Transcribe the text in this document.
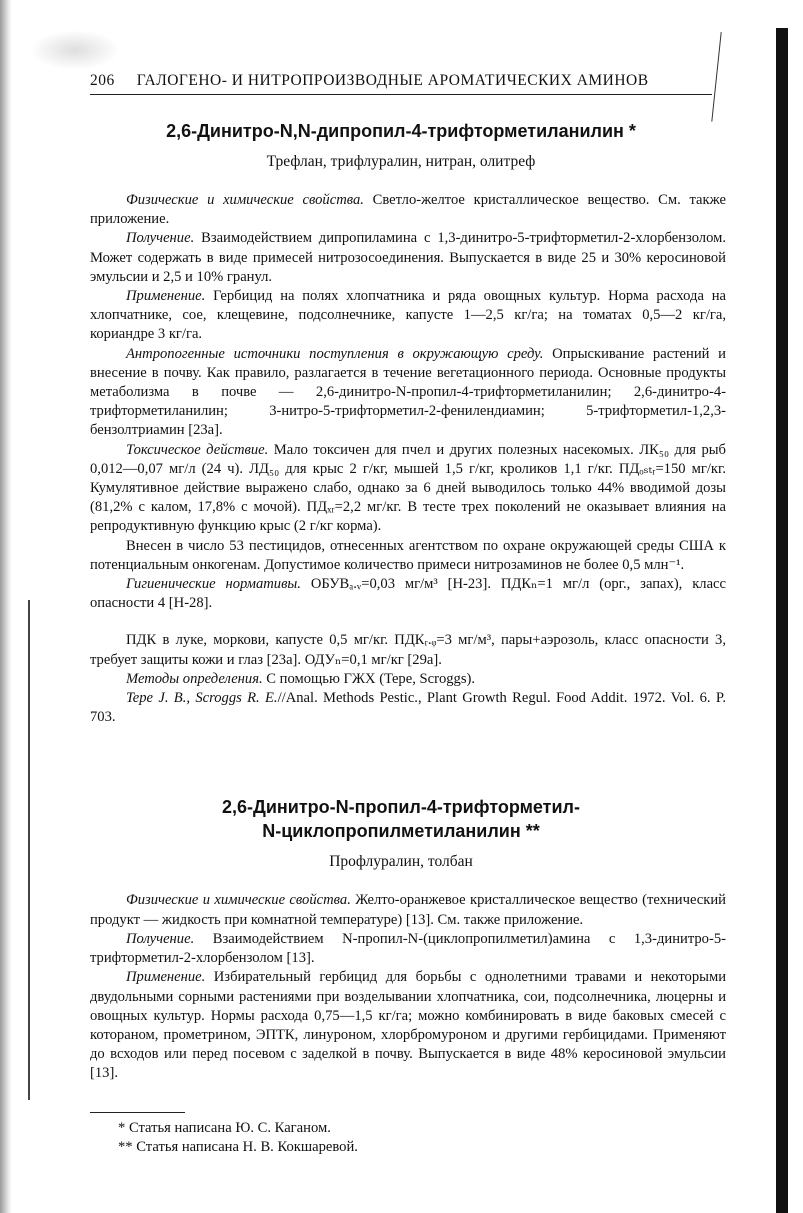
206 ГАЛОГЕНО- И НИТРОПРОИЗВОДНЫЕ АРОМАТИЧЕСКИХ АМИНОВ
2,6-Динитро-N,N-дипропил-4-трифторметиланилин *
Трефлан, трифлуралин, нитран, олитреф

Физические и химические свойства. Светло-желтое кристаллическое вещество. См. также приложение.

Получение. Взаимодействием дипропиламина с 1,3-динитро-5-трифторметил-2-хлорбензолом. Может содержать в виде примесей нитрозосоединения. Выпускается в виде 25 и 30% керосиновой эмульсии и 2,5 и 10% гранул.

Применение. Гербицид на полях хлопчатника и ряда овощных культур. Норма расхода на хлопчатнике, сое, клещевине, подсолнечнике, капусте 1—2,5 кг/га; на томатах 0,5—2 кг/га, кориандре 3 кг/га.

Антропогенные источники поступления в окружающую среду. Опрыскивание растений и внесение в почву. Как правило, разлагается в течение вегетационного периода. Основные продукты метаболизма в почве — 2,6-динитро-N-пропил-4-трифторметиланилин; 2,6-динитро-4-трифторметиланилин; 3-нитро-5-трифторметил-2-фенилендиамин; 5-трифторметил-1,2,3-бензолтриамин [23а].

Токсическое действие. Мало токсичен для пчел и других полезных насекомых. ЛК₅₀ для рыб 0,012—0,07 мг/л (24 ч). ЛД₅₀ для крыс 2 г/кг, мышей 1,5 г/кг, кроликов 1,1 г/кг. ПДₒₛₜᵣ=150 мг/кг. Кумулятивное действие выражено слабо, однако за 6 дней выводилось только 44% вводимой дозы (81,2% с калом, 17,8% с мочой). ПДₓᵣ=2,2 мг/кг. В тесте трех поколений не оказывает влияния на репродуктивную функцию крыс (2 г/кг корма).

Внесен в число 53 пестицидов, отнесенных агентством по охране окружающей среды США к потенциальным онкогенам. Допустимое количество примеси нитрозаминов не более 0,5 млн⁻¹.

Гигиенические нормативы. ОБУВₐ.ᵥ=0,03 мг/м³ [Н-23]. ПДКₙ=1 мг/л (орг., запах), класс опасности 4 [Н-28].

ПДК в луке, моркови, капусте 0,5 мг/кг. ПДКᵣ.ᵩ=3 мг/м³, пары+аэрозоль, класс опасности 3, требует защиты кожи и глаз [23а]. ОДУₙ=0,1 мг/кг [29а].

Методы определения. С помощью ГЖХ (Tepe, Scroggs).

Tepe J. B., Scroggs R. E.//Anal. Methods Pestic., Plant Growth Regul. Food Addit. 1972. Vol. 6. P. 703.

2,6-Динитро-N-пропил-4-трифторметил-
N-циклопропилметиланилин **
Профлуралин, толбан

Физические и химические свойства. Желто-оранжевое кристаллическое вещество (технический продукт — жидкость при комнатной температуре) [13]. См. также приложение.

Получение. Взаимодействием N-пропил-N-(циклопропилметил)амина с 1,3-динитро-5-трифторметил-2-хлорбензолом [13].

Применение. Избирательный гербицид для борьбы с однолетними травами и некоторыми двудольными сорными растениями при возделывании хлопчатника, сои, подсолнечника, люцерны и овощных культур. Нормы расхода 0,75—1,5 кг/га; можно комбинировать в виде баковых смесей с которaном, прометрином, ЭПТК, линуроном, хлорбромуроном и другими гербицидами. Применяют до всходов или перед посевом с заделкой в почву. Выпускается в виде 48% керосиновой эмульсии [13].

* Статья написана Ю. С. Каганом.

** Статья написана Н. В. Кокшаревой.
